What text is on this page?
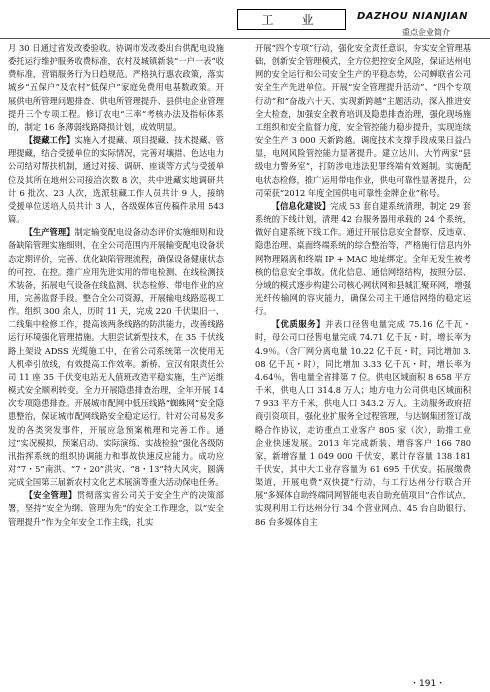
工　业	DAZHOU NIANJIAN
重点企业简介

月 30 日通过省发改委验收。协调市发改委出台供配电设施委托运行维护服务收费标准，农村及城镇新装“一户一表”收费标准，营销服务行为日趋规范。严格执行惠农政策，落实城乡“五保户”及农村“低保户”家庭免费用电基数政策。开展供电所管理问题排查、供电所管理提升、县供电企业管理提升三个专项工程。修订农电“三率”考核办法及指标体系的，制定 16 条薄弱线路降损计划，成效明显。

【提藏工作】实施入才提藏、项目提藏、技术提藏、管理提藏，结合受援单位的实际情况，完善对壤措、色达电力公司结对帮扶机制，通过对接、调研、座谈等方式与受援单位及其所在地州公司接洽次数 8 次，共中进藏实地调研共计 6 批次、23 人次，选派驻藏工作人员共计 9 人，接纳受援单位送培人员共计 3 人，各级媒体宣传稿件录用 543 篇。

【生产管理】制定输变配电设备动态评价实施细则和设备缺陷管理实施细则，在全公司范围内开展输变配电设备状态定期评价，完善、优化缺陷管理流程，确保设备健康状态的可控、在控。推广应用先进实用的带电检测、在线检测技术装备，拓展电气设备在线监测、状态检修、带电作业的应用，完善监督手段。整合全公司资源，开展输电线路巡视工作。组织 300 余人，历时 11 天，完成 220 千伏渠旧一、二线集中检修工作，提高该两条线路的防洪能力，改善线路运行环境强化管理措施。大胆尝试新型技术，在 35 千伏线路上架设 ADSS 光缆施工中，在省公司系统第一次使用无人机牵引放线，有效提高工作效率。新桥、宣汉有限责任公司 11 座 35 千伏变电站无人值班改造平稳实施，生产运维模式安全顺利转变。全力开展隐患排查治理，全年开展 14 次专项隐患排查。开展城市配网中低压线路“蜘蛛网”安全隐患整治，保证城市配网线路安全稳定运行。针对公司易发多发的各类突发事件，开展应急预案梳理和完善工作。通过“实况模拟、预案启动、实际演练、实战检验”强化各级防汛指挥系统的组织协调能力和事故快速反应能力。成功应对“7・5”南洪、“7・20”洪灾、“8・13”特大风灾，圆满完成全国第三届新农村文化艺术展演等重大活动保电任务。

【安全管理】贯彻落实省公司关于安全生产的决策部署，坚持“安全为纲、管理为先”的安全工作理念，以“安全管理提升”作为全年安全工作主线，扎实

开展“四个专项”行动，强化安全责任意识，夯实安全管理基础，创新安全管理模式，全方位把控安全风险，保证达州电网的安全运行和公司安全生产的平稳态势，公司蝉联省公司安全生产先进单位。开展“安全管理提升活动”、“四个专项行动”和“奋战六十天、实现新跨越”主题活动，深入推进安全大检查，加强安全教育培训及隐患排查治理，强化现场施工组织和安全监督力度，安全管控能力稳步提升，实现连续安全生产 3 000 天新跨越。调度技术支撑手段成果日益凸显，电网风险管控能力显著提升。建立达川、大竹两家“县级电力警务室”，打防涉电违法犯罪终端有效遏制。实施配电状态检修，推广运用带电作业，供电可靠性显著提升，公司荣获“2012 年度全国供电可靠性金牌企业”称号。

【信息化建设】完成 53 套自建系统清理，制定 29 套系统的下线计划，清理 42 台服务器用承载的 24 个系统，做好自建系统下线工作。通过开展信息安全督察、反违章、隐患治理、桌面终端系统的综合整治等，严格施行信息内外网物理隔离和终端 IP + MAC 地址绑定。全年无发生被考核的信息安全事故。优化信息、通信网络结构，按照分层、分域的模式逐步构建公司核心网状网和县城汇聚环网，增强光纤传输网的容灾能力，确保公司主干通信网络的稳定运行。

【优质服务】并表口径售电量完成 75.16 亿千瓦・时，母公司口径售电量完成 74.71 亿千瓦・时，增长率为 4.9％。（含厂网分离电量 10.22 亿千瓦・时，同比增加 3.08 亿千瓦・时），同比增加 3.33 亿千瓦・时，增长率为 4.64％，售电量全省排第 7 位。供电区域面积 8 658 平方千米，供电人口 314.8 万人；地方电力公司供电区域面积 7 933 平方千米，供电人口 343.2 万人。主动服务政府招商引资项目，强化业扩服务全过程管理，与达钢集团签订战略合作协议，走访重点工业客户 805 家（次），助推工业企业快速发展。2013 年完成新装、增容客户 166 780 家，新增容量 1 049 000 千伏安，累计存容量 138 181 千伏安，其中大工业存容量为 61 695 千伏安。拓展缴费渠道，开展电费“双快捷”行动，与工行达州分行联合开展“多媒体自助终端同网智能电表自助充值项目”合作试点，实现利用工行达州分行 34 个营业网点、45 台自助银行、86 台多媒体自主

・191・
